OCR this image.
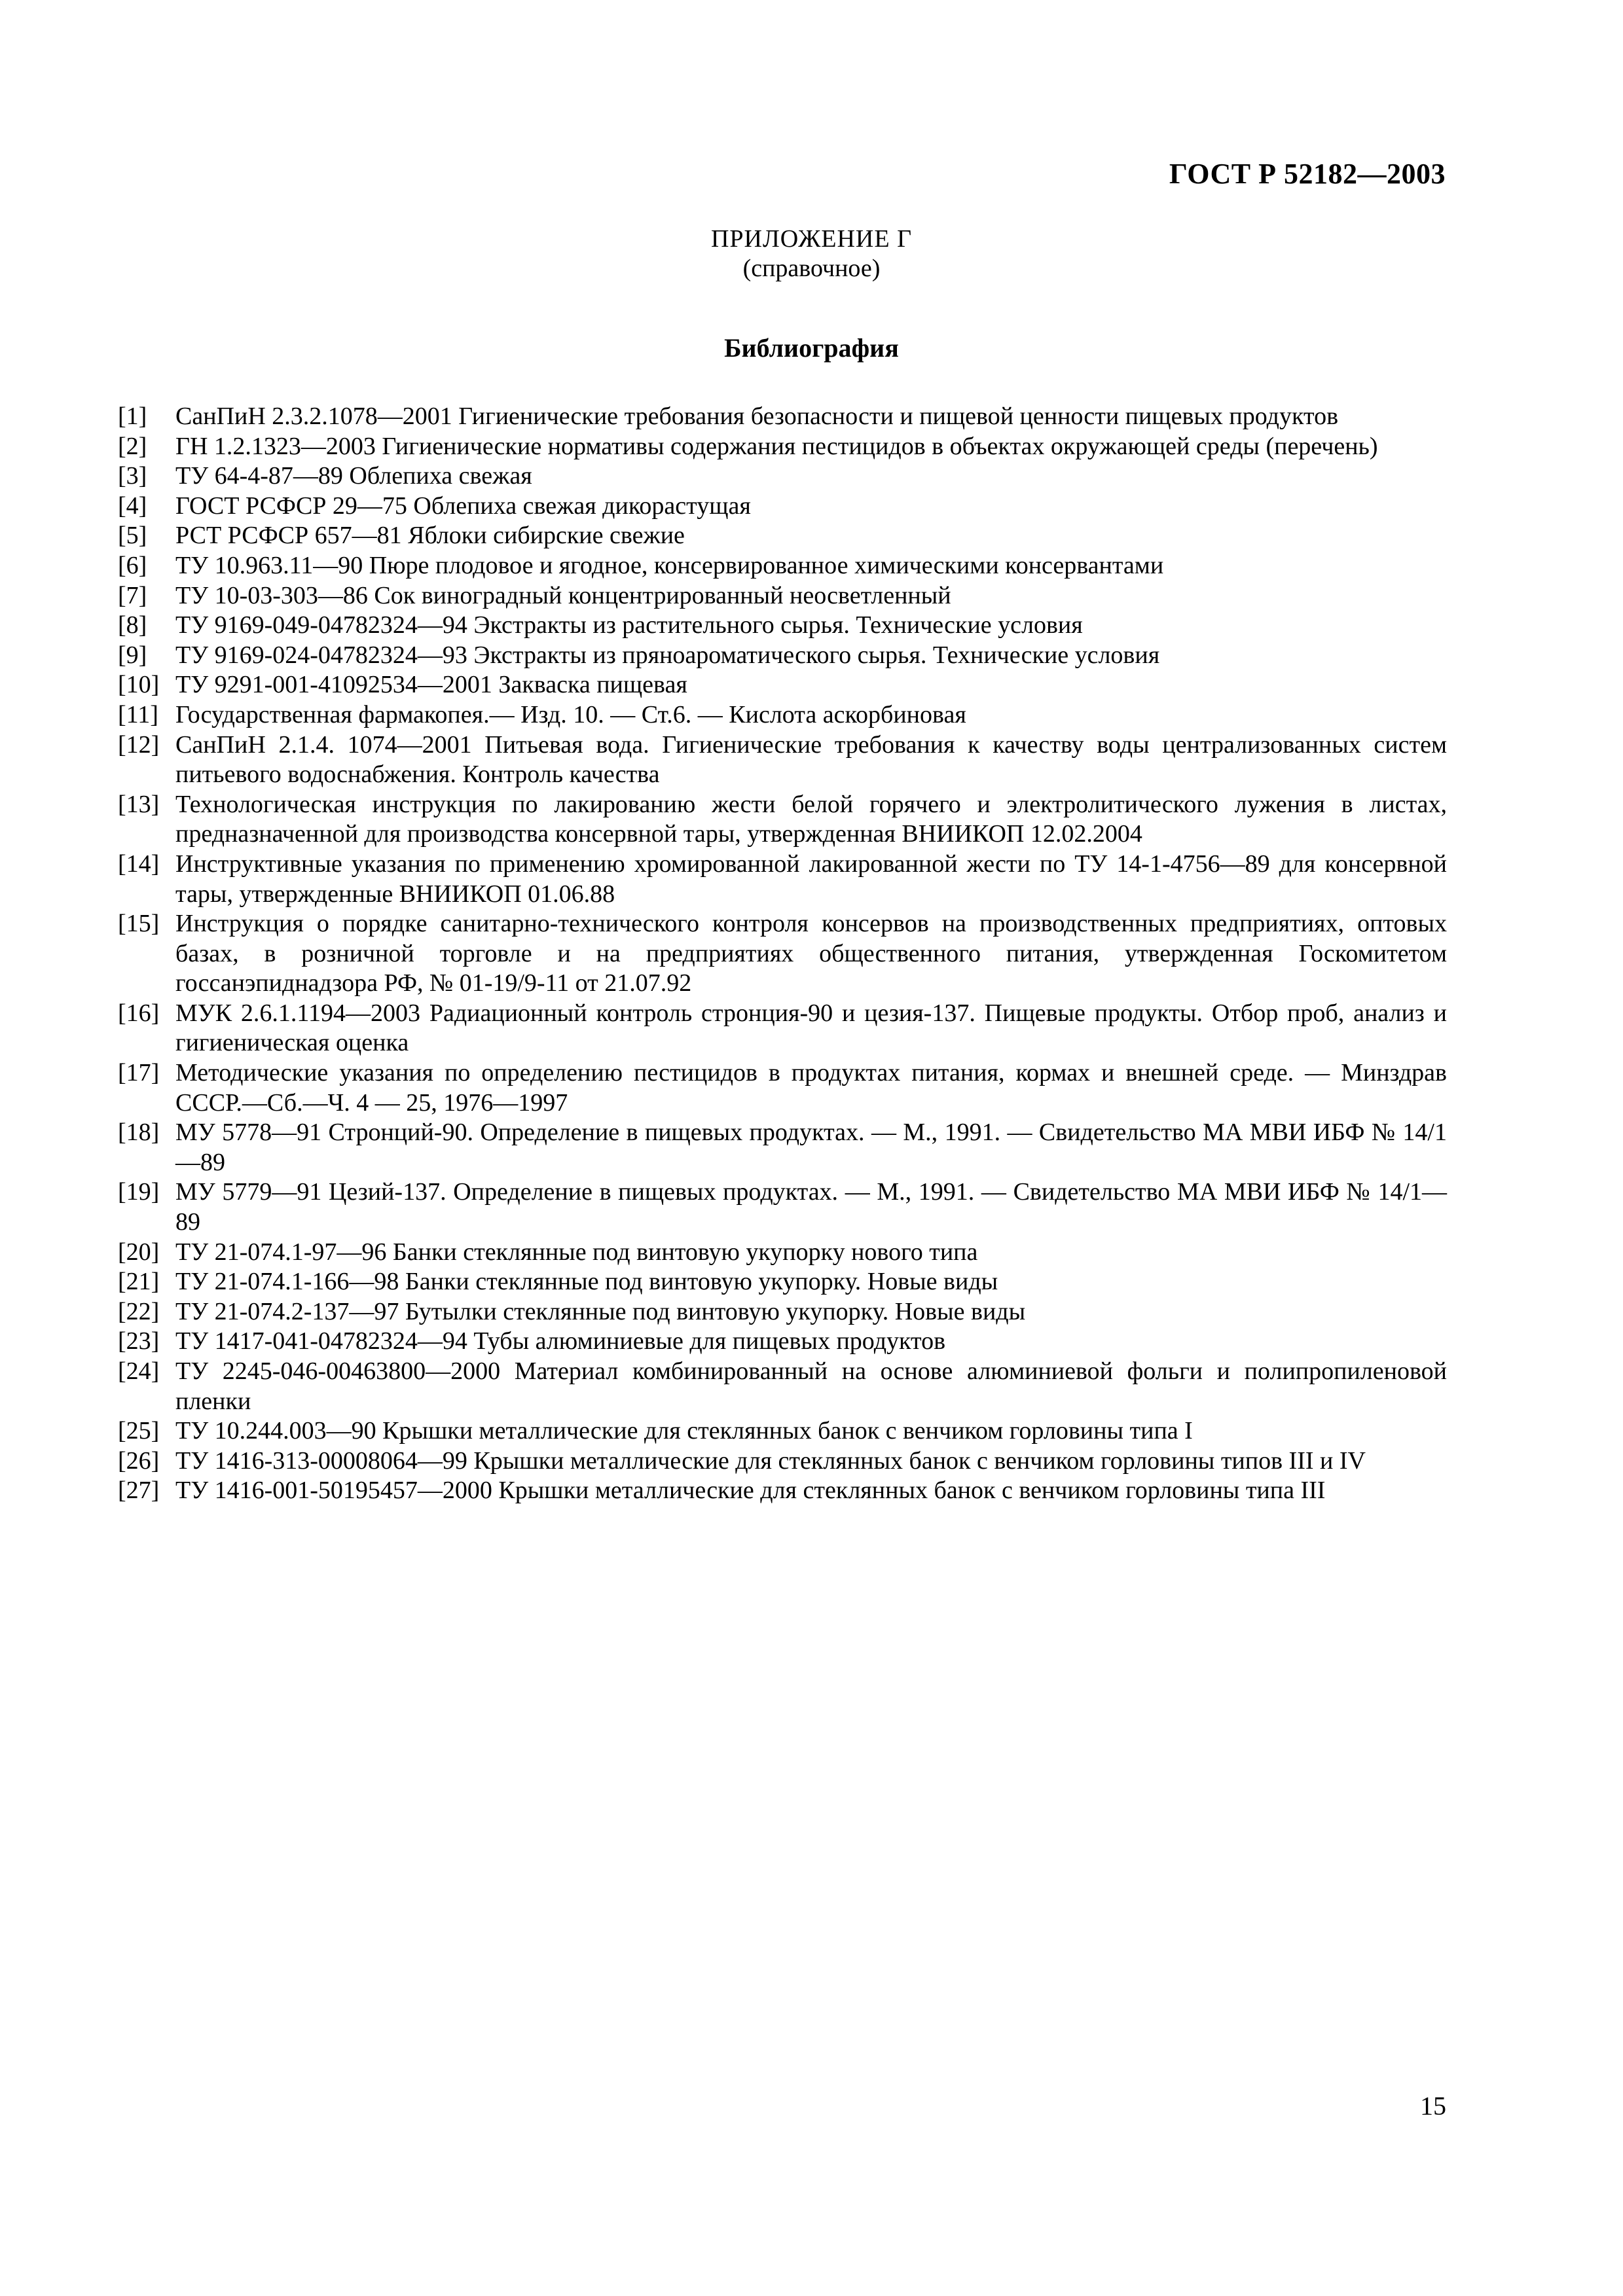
ГОСТ Р 52182—2003
ПРИЛОЖЕНИЕ Г
(справочное)
Библиография
[1]	СанПиН 2.3.2.1078—2001 Гигиенические требования безопасности и пищевой ценности пищевых продуктов
[2]	ГН 1.2.1323—2003 Гигиенические нормативы содержания пестицидов в объектах окружающей среды (перечень)
[3]	ТУ 64-4-87—89 Облепиха свежая
[4]	ГОСТ РСФСР 29—75 Облепиха свежая дикорастущая
[5]	РСТ РСФСР 657—81 Яблоки сибирские свежие
[6]	ТУ 10.963.11—90 Пюре плодовое и ягодное, консервированное химическими консервантами
[7]	ТУ 10-03-303—86 Сок виноградный концентрированный неосветленный
[8]	ТУ 9169-049-04782324—94 Экстракты из растительного сырья. Технические условия
[9]	ТУ 9169-024-04782324—93 Экстракты из пряноароматического сырья. Технические условия
[10] ТУ 9291-001-41092534—2001 Закваска пищевая
[11] Государственная фармакопея.— Изд. 10. — Ст.6. — Кислота аскорбиновая
[12] СанПиН 2.1.4. 1074—2001 Питьевая вода. Гигиенические требования к качеству воды централизованных систем питьевого водоснабжения. Контроль качества
[13] Технологическая инструкция по лакированию жести белой горячего и электролитического лужения в листах, предназначенной для производства консервной тары, утвержденная ВНИИКОП 12.02.2004
[14] Инструктивные указания по применению хромированной лакированной жести по ТУ 14-1-4756—89 для консервной тары, утвержденные ВНИИКОП 01.06.88
[15] Инструкция о порядке санитарно-технического контроля консервов на производственных предприятиях, оптовых базах, в розничной торговле и на предприятиях общественного питания, утвержденная Госкомитетом госсанэпиднадзора РФ, № 01-19/9-11 от 21.07.92
[16] МУК 2.6.1.1194—2003 Радиационный контроль стронция-90 и цезия-137. Пищевые продукты. Отбор проб, анализ и гигиеническая оценка
[17] Методические указания по определению пестицидов в продуктах питания, кормах и внешней среде. — Минздрав СССР.—Сб.—Ч. 4 — 25, 1976—1997
[18] МУ 5778—91 Стронций-90. Определение в пищевых продуктах. — М., 1991. — Свидетельство МА МВИ ИБФ № 14/1—89
[19] МУ 5779—91 Цезий-137. Определение в пищевых продуктах. — М., 1991. — Свидетельство МА МВИ ИБФ № 14/1—89
[20] ТУ 21-074.1-97—96 Банки стеклянные под винтовую укупорку нового типа
[21] ТУ 21-074.1-166—98 Банки стеклянные под винтовую укупорку. Новые виды
[22] ТУ 21-074.2-137—97 Бутылки стеклянные под винтовую укупорку. Новые виды
[23] ТУ 1417-041-04782324—94 Тубы алюминиевые для пищевых продуктов
[24] ТУ 2245-046-00463800—2000 Материал комбинированный на основе алюминиевой фольги и полипропиленовой пленки
[25] ТУ 10.244.003—90 Крышки металлические для стеклянных банок с венчиком горловины типа I
[26] ТУ 1416-313-00008064—99 Крышки металлические для стеклянных банок с венчиком горловины типов III и IV
[27] ТУ 1416-001-50195457—2000 Крышки металлические для стеклянных банок с венчиком горловины типа III
15
